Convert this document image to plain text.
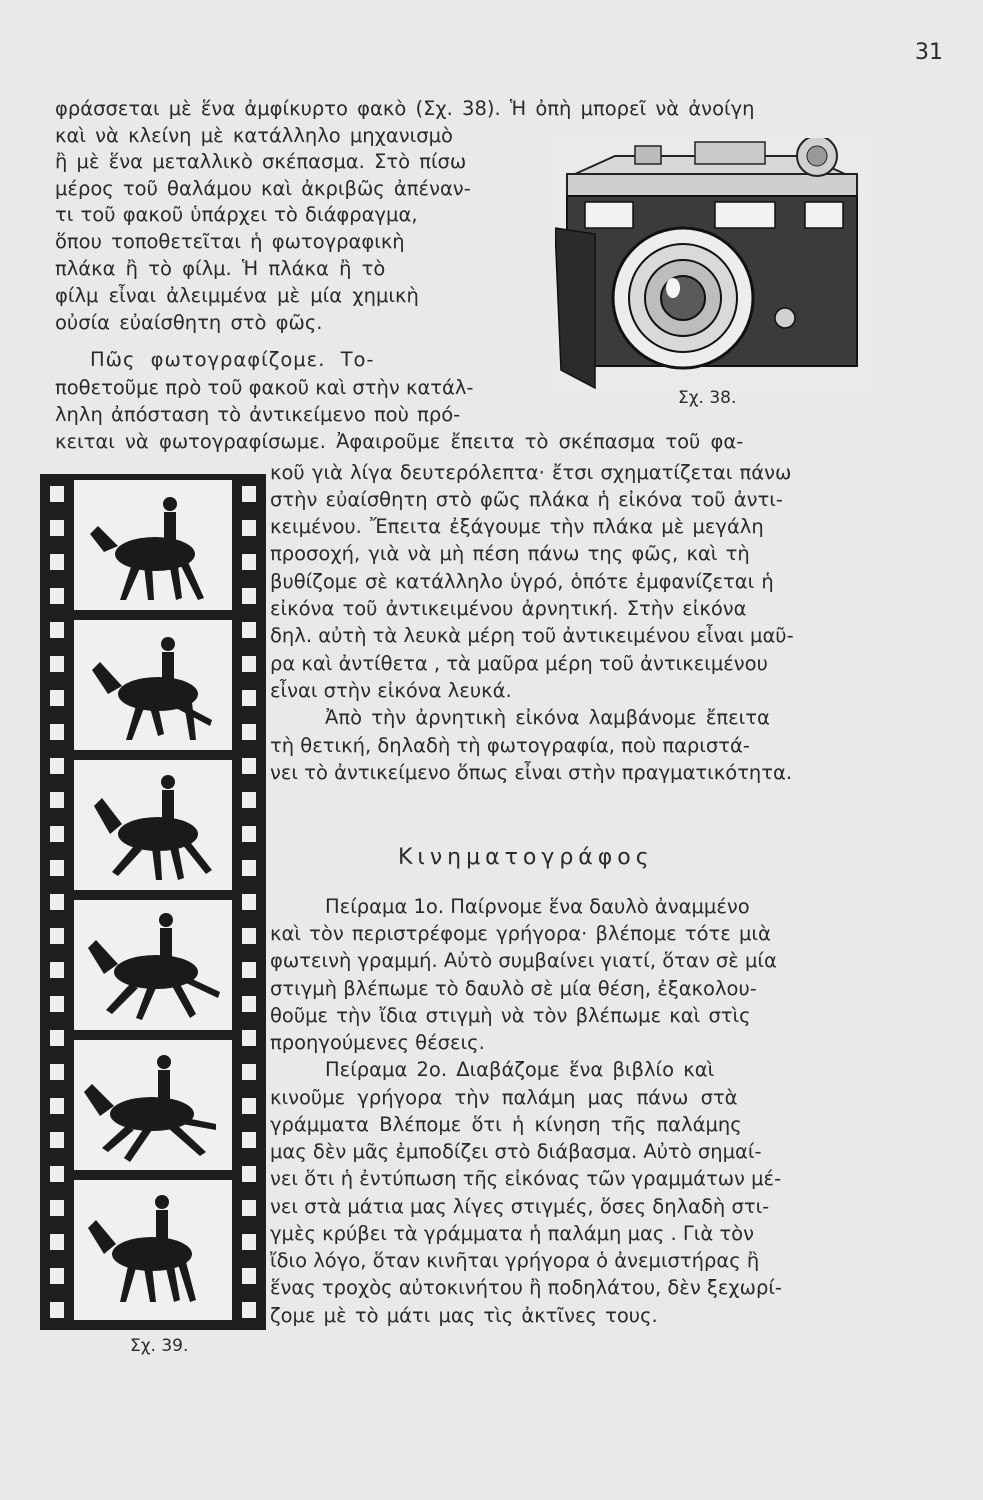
31
φράσσεται μὲ ἕνα ἀμφίκυρτο φακὸ (Σχ. 38). Ἡ ὀπὴ μπορεῖ νὰ ἀνοίγη
καὶ νὰ κλείνη μὲ κατάλληλο μηχανισμὸ
ἢ μὲ ἕνα μεταλλικὸ σκέπασμα. Στὸ πίσω
μέρος τοῦ θαλάμου καὶ ἀκριβῶς ἀπέναν-
τι τοῦ φακοῦ ὑπάρχει τὸ διάφραγμα,
ὅπου τοποθετεῖται ἡ φωτογραφικὴ
πλάκα ἢ τὸ φίλμ. Ἡ πλάκα ἢ τὸ
φίλμ εἶναι ἀλειμμένα μὲ μία χημικὴ
οὐσία εὐαίσθητη στὸ φῶς.
Πῶς φωτογραφίζομε. Το-
ποθετοῦμε πρὸ τοῦ φακοῦ καὶ στὴν κατάλ-
ληλη ἀπόσταση τὸ ἀντικείμενο ποὺ πρό-
κειται νὰ φωτογραφίσωμε. Ἀφαιροῦμε ἔπειτα τὸ σκέπασμα τοῦ φα-
Σχ. 38.
Σχ. 39.
κοῦ γιὰ λίγα δευτερόλεπτα· ἔτσι σχηματίζεται πάνω
στὴν εὐαίσθητη στὸ φῶς πλάκα ἡ εἰκόνα τοῦ ἀντι-
κειμένου. Ἔπειτα ἐξάγουμε τὴν πλάκα μὲ μεγάλη
προσοχή, γιὰ νὰ μὴ πέση πάνω της φῶς, καὶ τὴ
βυθίζομε σὲ κατάλληλο ὑγρό, ὁπότε ἐμφανίζεται ἡ
εἰκόνα τοῦ ἀντικειμένου ἀρνητική. Στὴν εἰκόνα
δηλ. αὐτὴ τὰ λευκὰ μέρη τοῦ ἀντικειμένου εἶναι μαῦ-
ρα καὶ ἀντίθετα , τὰ μαῦρα μέρη τοῦ ἀντικειμένου
εἶναι στὴν εἰκόνα λευκά.
Ἀπὸ τὴν ἀρνητικὴ εἰκόνα λαμβάνομε ἔπειτα
τὴ θετική, δηλαδὴ τὴ φωτογραφία, ποὺ παριστά-
νει τὸ ἀντικείμενο ὅπως εἶναι στὴν πραγματικότητα.
Κινηματογράφος
Πείραμα 1ο. Παίρνομε ἕνα δαυλὸ ἀναμμένο
καὶ τὸν περιστρέφομε γρήγορα· βλέπομε τότε μιὰ
φωτεινὴ γραμμή. Αὐτὸ συμβαίνει γιατί, ὅταν σὲ μία
στιγμὴ βλέπωμε τὸ δαυλὸ σὲ μία θέση, ἐξακολου-
θοῦμε τὴν ἴδια στιγμὴ νὰ τὸν βλέπωμε καὶ στὶς
προηγούμενες θέσεις.
Πείραμα 2ο. Διαβάζομε ἕνα βιβλίο καὶ
κινοῦμε γρήγορα τὴν παλάμη μας πάνω στὰ
γράμματα Βλέπομε ὅτι ἡ κίνηση τῆς παλάμης
μας δὲν μᾶς ἐμποδίζει στὸ διάβασμα. Αὐτὸ σημαί-
νει ὅτι ἡ ἐντύπωση τῆς εἰκόνας τῶν γραμμάτων μέ-
νει στὰ μάτια μας λίγες στιγμές, ὅσες δηλαδὴ στι-
γμὲς κρύβει τὰ γράμματα ἡ παλάμη μας . Γιὰ τὸν
ἴδιο λόγο, ὅταν κινῆται γρήγορα ὁ ἀνεμιστήρας ἢ
ἕνας τροχὸς αὐτοκινήτου ἢ ποδηλάτου, δὲν ξεχωρί-
ζομε μὲ τὸ μάτι μας τὶς ἀκτῖνες τους.
